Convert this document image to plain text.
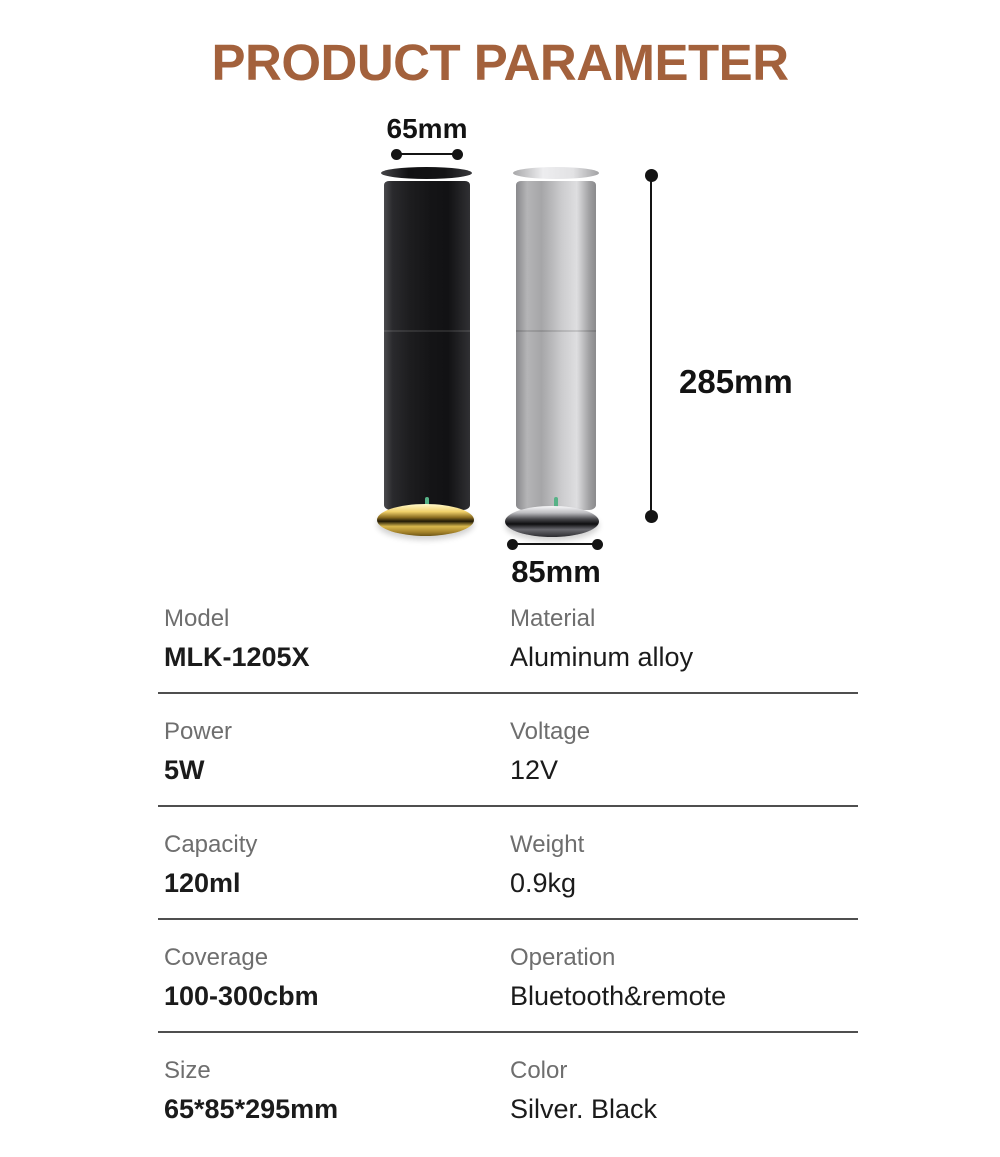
PRODUCT PARAMETER
65mm
285mm
85mm
Model
MLK-1205X
Material
Aluminum alloy
Power
5W
Voltage
12V
Capacity
120ml
Weight
0.9kg
Coverage
100-300cbm
Operation
Bluetooth&remote
Size
65*85*295mm
Color
Silver. Black
